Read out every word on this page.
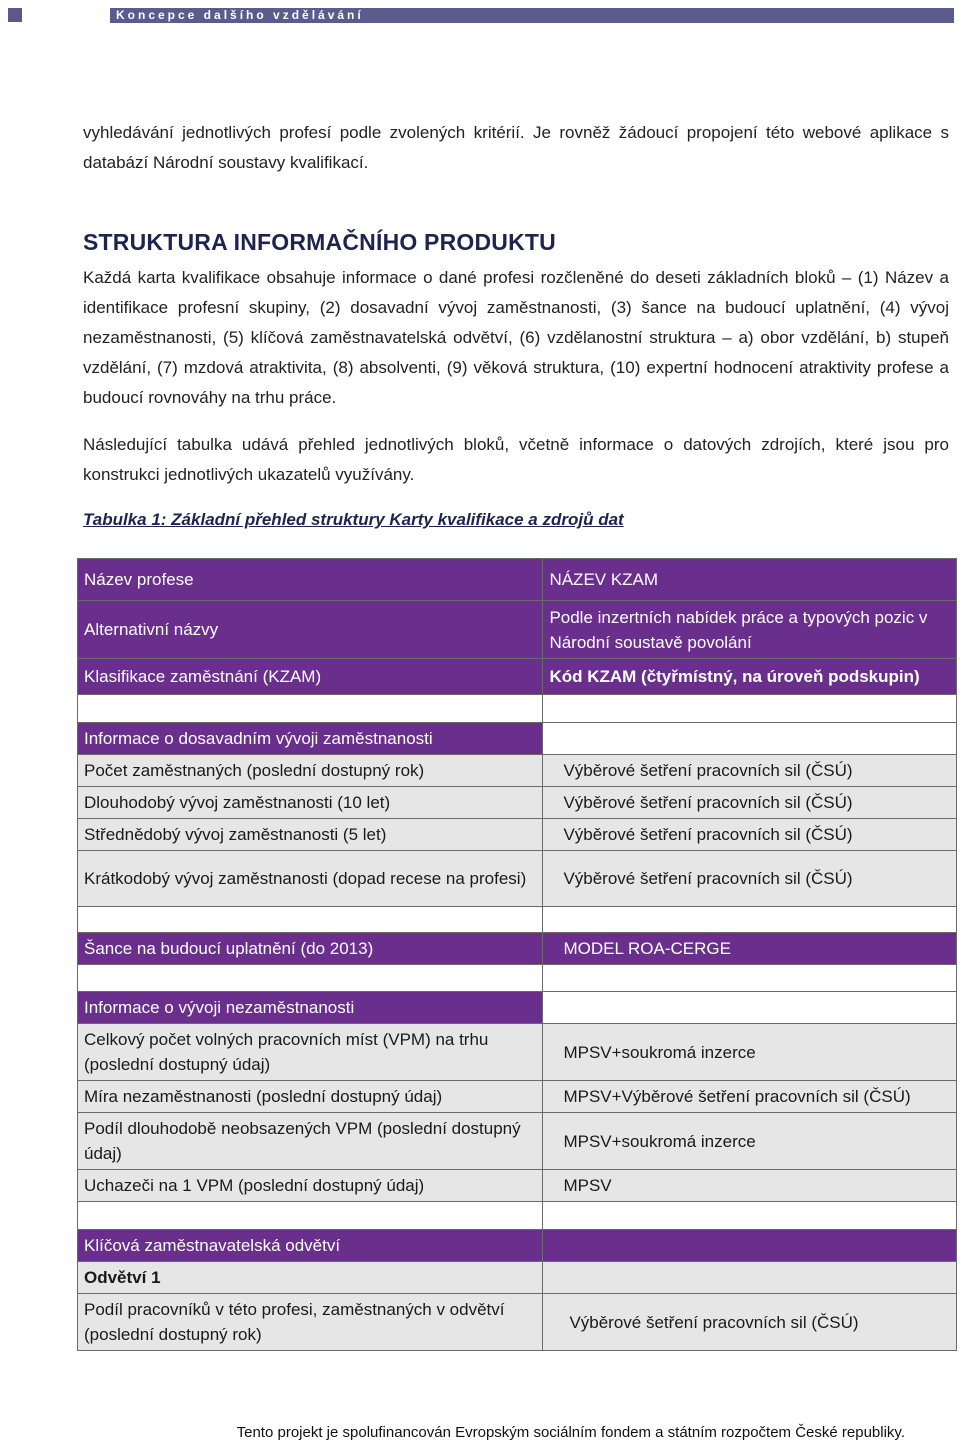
Koncepce dalšího vzdělávání

vyhledávání jednotlivých profesí podle zvolených kritérií. Je rovněž žádoucí propojení této webové aplikace s databází Národní soustavy kvalifikací.

STRUKTURA INFORMAČNÍHO PRODUKTU

Každá karta kvalifikace obsahuje informace o dané profesi rozčleněné do deseti základních bloků – (1) Název a identifikace profesní skupiny, (2) dosavadní vývoj zaměstnanosti, (3) šance na budoucí uplatnění, (4) vývoj nezaměstnanosti, (5) klíčová zaměstnavatelská odvětví, (6) vzdělanostní struktura – a) obor vzdělání, b) stupeň vzdělání, (7) mzdová atraktivita, (8) absolventi, (9) věková struktura, (10) expertní hodnocení atraktivity profese a budoucí rovnováhy na trhu práce.

Následující tabulka udává přehled jednotlivých bloků, včetně informace o datových zdrojích, které jsou pro konstrukci jednotlivých ukazatelů využívány.

Tabulka 1: Základní přehled struktury Karty kvalifikace a zdrojů dat
Název profese	NÁZEV KZAM
Alternativní názvy	Podle inzertních nabídek práce a typových pozic v Národní soustavě povolání
Klasifikace zaměstnání (KZAM)	Kód KZAM (čtyřmístný, na úroveň podskupin)

Informace o dosavadním vývoji zaměstnanosti	
Počet zaměstnaných (poslední dostupný rok)	Výběrové šetření pracovních sil (ČSÚ)
Dlouhodobý vývoj zaměstnanosti (10 let)	Výběrové šetření pracovních sil (ČSÚ)
Střednědobý vývoj zaměstnanosti (5 let)	Výběrové šetření pracovních sil (ČSÚ)
Krátkodobý vývoj zaměstnanosti (dopad recese na profesi)	Výběrové šetření pracovních sil (ČSÚ)

Šance na budoucí uplatnění (do 2013)	MODEL ROA-CERGE

Informace o vývoji nezaměstnanosti	
Celkový počet volných pracovních míst (VPM) na trhu (poslední dostupný údaj)	MPSV+soukromá inzerce
Míra nezaměstnanosti (poslední dostupný údaj)	MPSV+Výběrové šetření pracovních sil (ČSÚ)
Podíl dlouhodobě neobsazených VPM (poslední dostupný údaj)	MPSV+soukromá inzerce
Uchazeči na 1 VPM (poslední dostupný údaj)	MPSV

Klíčová zaměstnavatelská odvětví	
Odvětví 1	
Podíl pracovníků v této profesi, zaměstnaných v odvětví (poslední dostupný rok)	Výběrové šetření pracovních sil (ČSÚ)
Tento projekt je spolufinancován Evropským sociálním fondem a státním rozpočtem České republiky.
